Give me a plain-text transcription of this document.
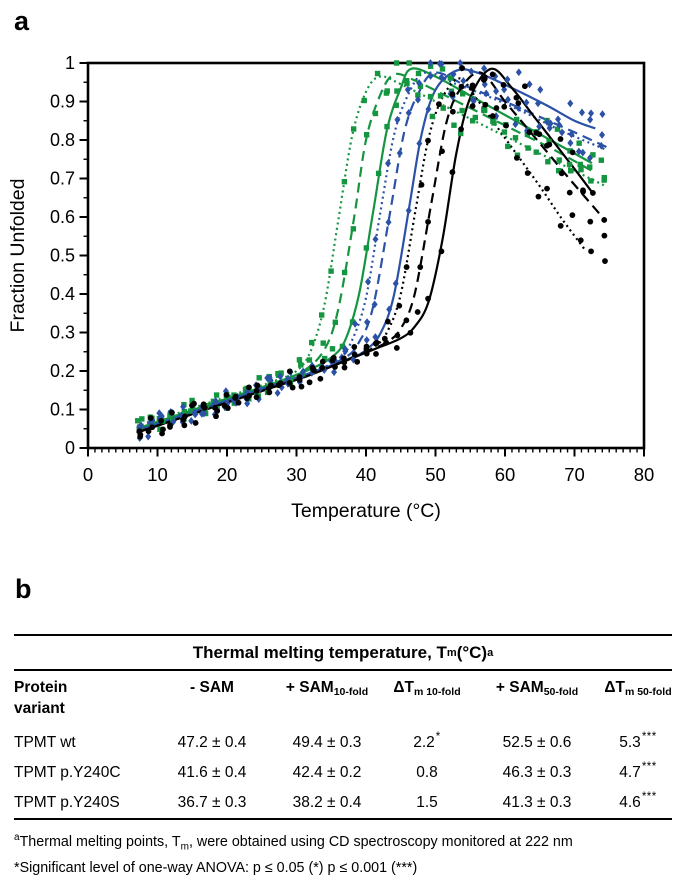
a
0	10	20	30	40	50	60	70	80
0
0.1
0.2
0.3
0.4
0.5
0.6
0.7
0.8
0.9
1
Temperature (°C)
Fraction Unfolded
b
Thermal melting temperature, T m (°C) a
Protein
variant
- SAM	+ $SAM_{10-fold}$	$\Delta T_{m 10-fold}$	+ $SAM_{50-fold}$	$\Delta T_{m 50-fold}$
TPMT wt	47.2 ± 0.4	49.4 ± 0.3	2.2*	52.5 ± 0.6	5.3***
TPMT p.Y240C	41.6 ± 0.4	42.4 ± 0.2	0.8	46.3 ± 0.3	4.7***
TPMT p.Y240S	36.7 ± 0.3	38.2 ± 0.4	1.5	41.3 ± 0.3	4.6***
$^a$Thermal melting points, $T_m$, were obtained using CD spectroscopy monitored at 222 nm
*Significant level of one-way ANOVA: p ≤ 0.05 (*) p ≤ 0.001 (***)
